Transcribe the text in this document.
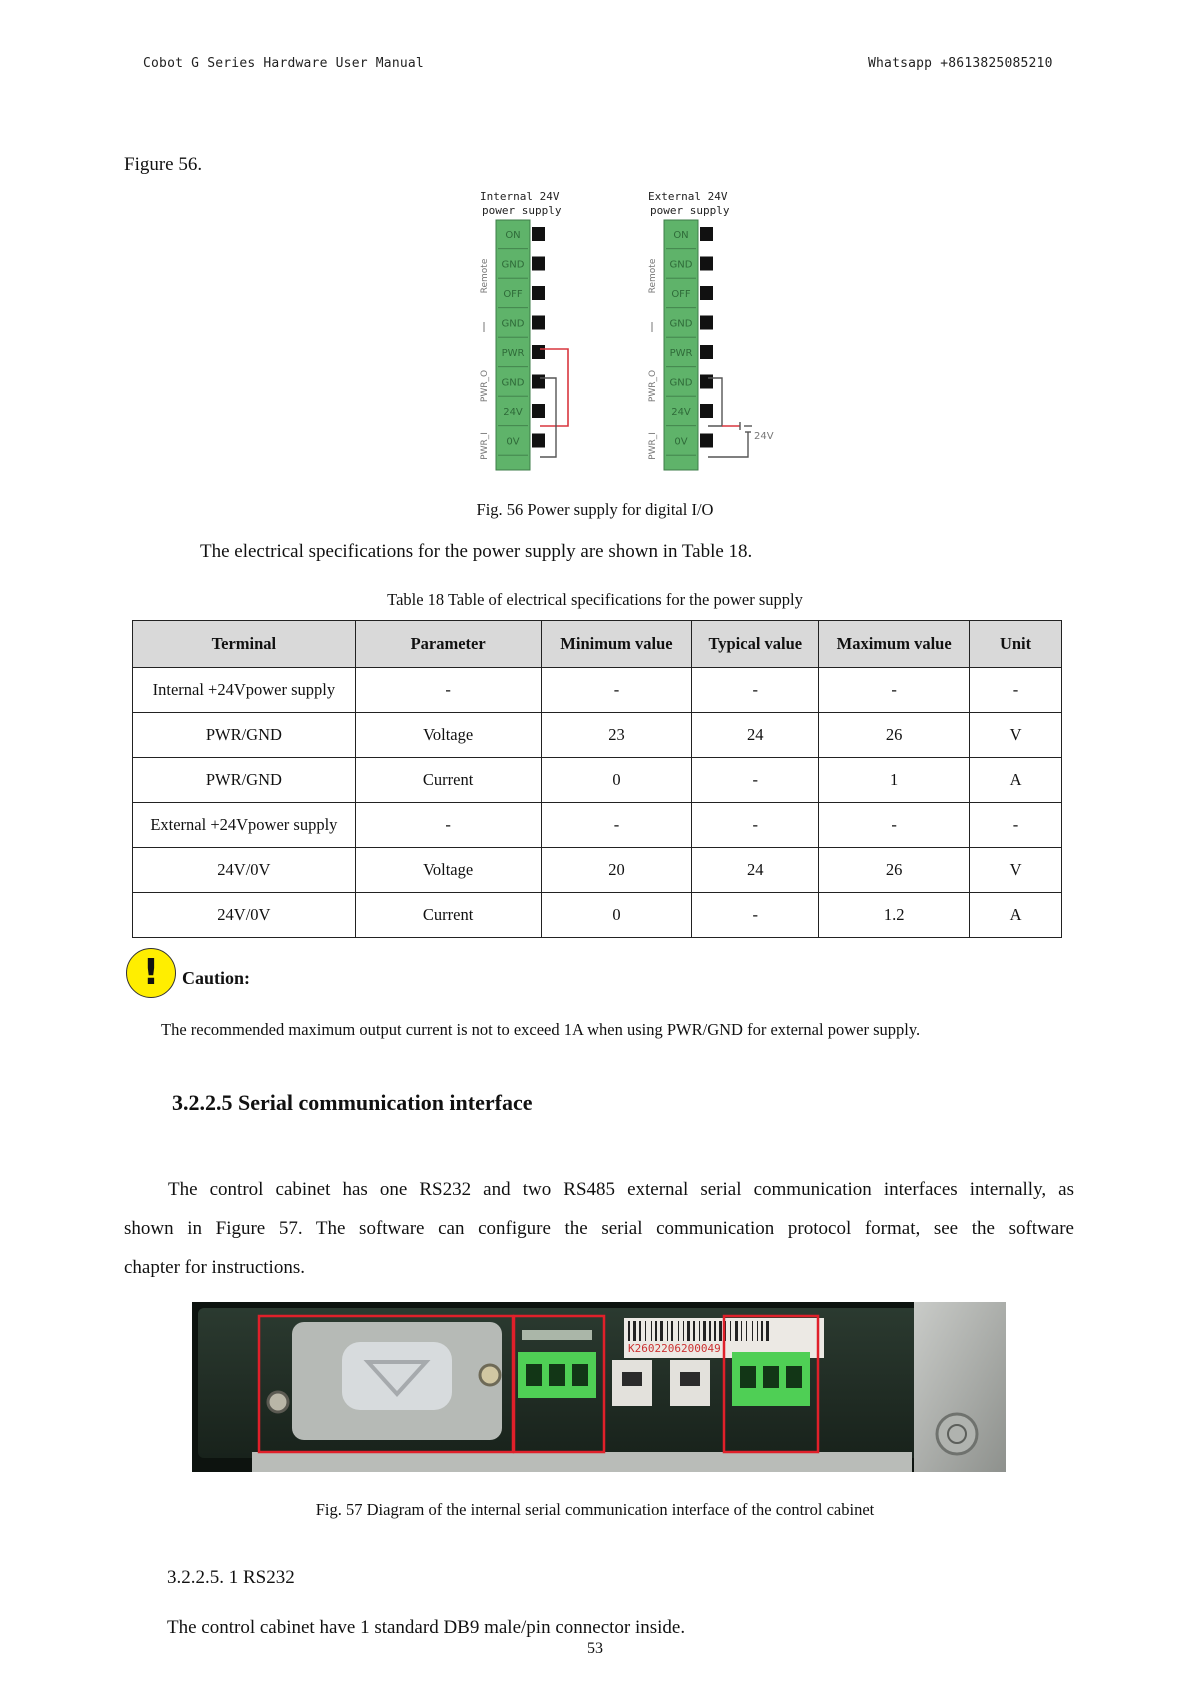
Cobot G Series Hardware User Manual	Whatsapp +8613825085210
Figure 56.
Internal 24V
power supply
External 24V
power supply
ON
GND
OFF
GND
PWR
GND
24V
0V
Remote
PWR_O
PWR_I
ON
GND
OFF
GND
PWR
GND
24V
0V
Remote
PWR_O
PWR_I	24V
Fig. 56 Power supply for digital I/O
The electrical specifications for the power supply are shown in Table 18.
Table 18 Table of electrical specifications for the power supply
Terminal	Parameter	Minimum value	Typical value	Maximum value	Unit
Internal +24Vpower supply	-	-	-	-	-
PWR/GND	Voltage	23	24	26	V
PWR/GND	Current	0	-	1	A
External +24Vpower supply	-	-	-	-	-
24V/0V	Voltage	20	24	26	V
24V/0V	Current	0	-	1.2	A
!	Caution:
The recommended maximum output current is not to exceed 1A when using PWR/GND for external power supply.
3.2.2.5 Serial communication interface
The control cabinet has one RS232 and two RS485 external serial communication interfaces internally, as
shown in Figure 57. The software can configure the serial communication protocol format, see the software
chapter for instructions.
K2602206200049
Fig. 57 Diagram of the internal serial communication interface of the control cabinet
3.2.2.5. 1 RS232
The control cabinet have 1 standard DB9 male/pin connector inside.
53
